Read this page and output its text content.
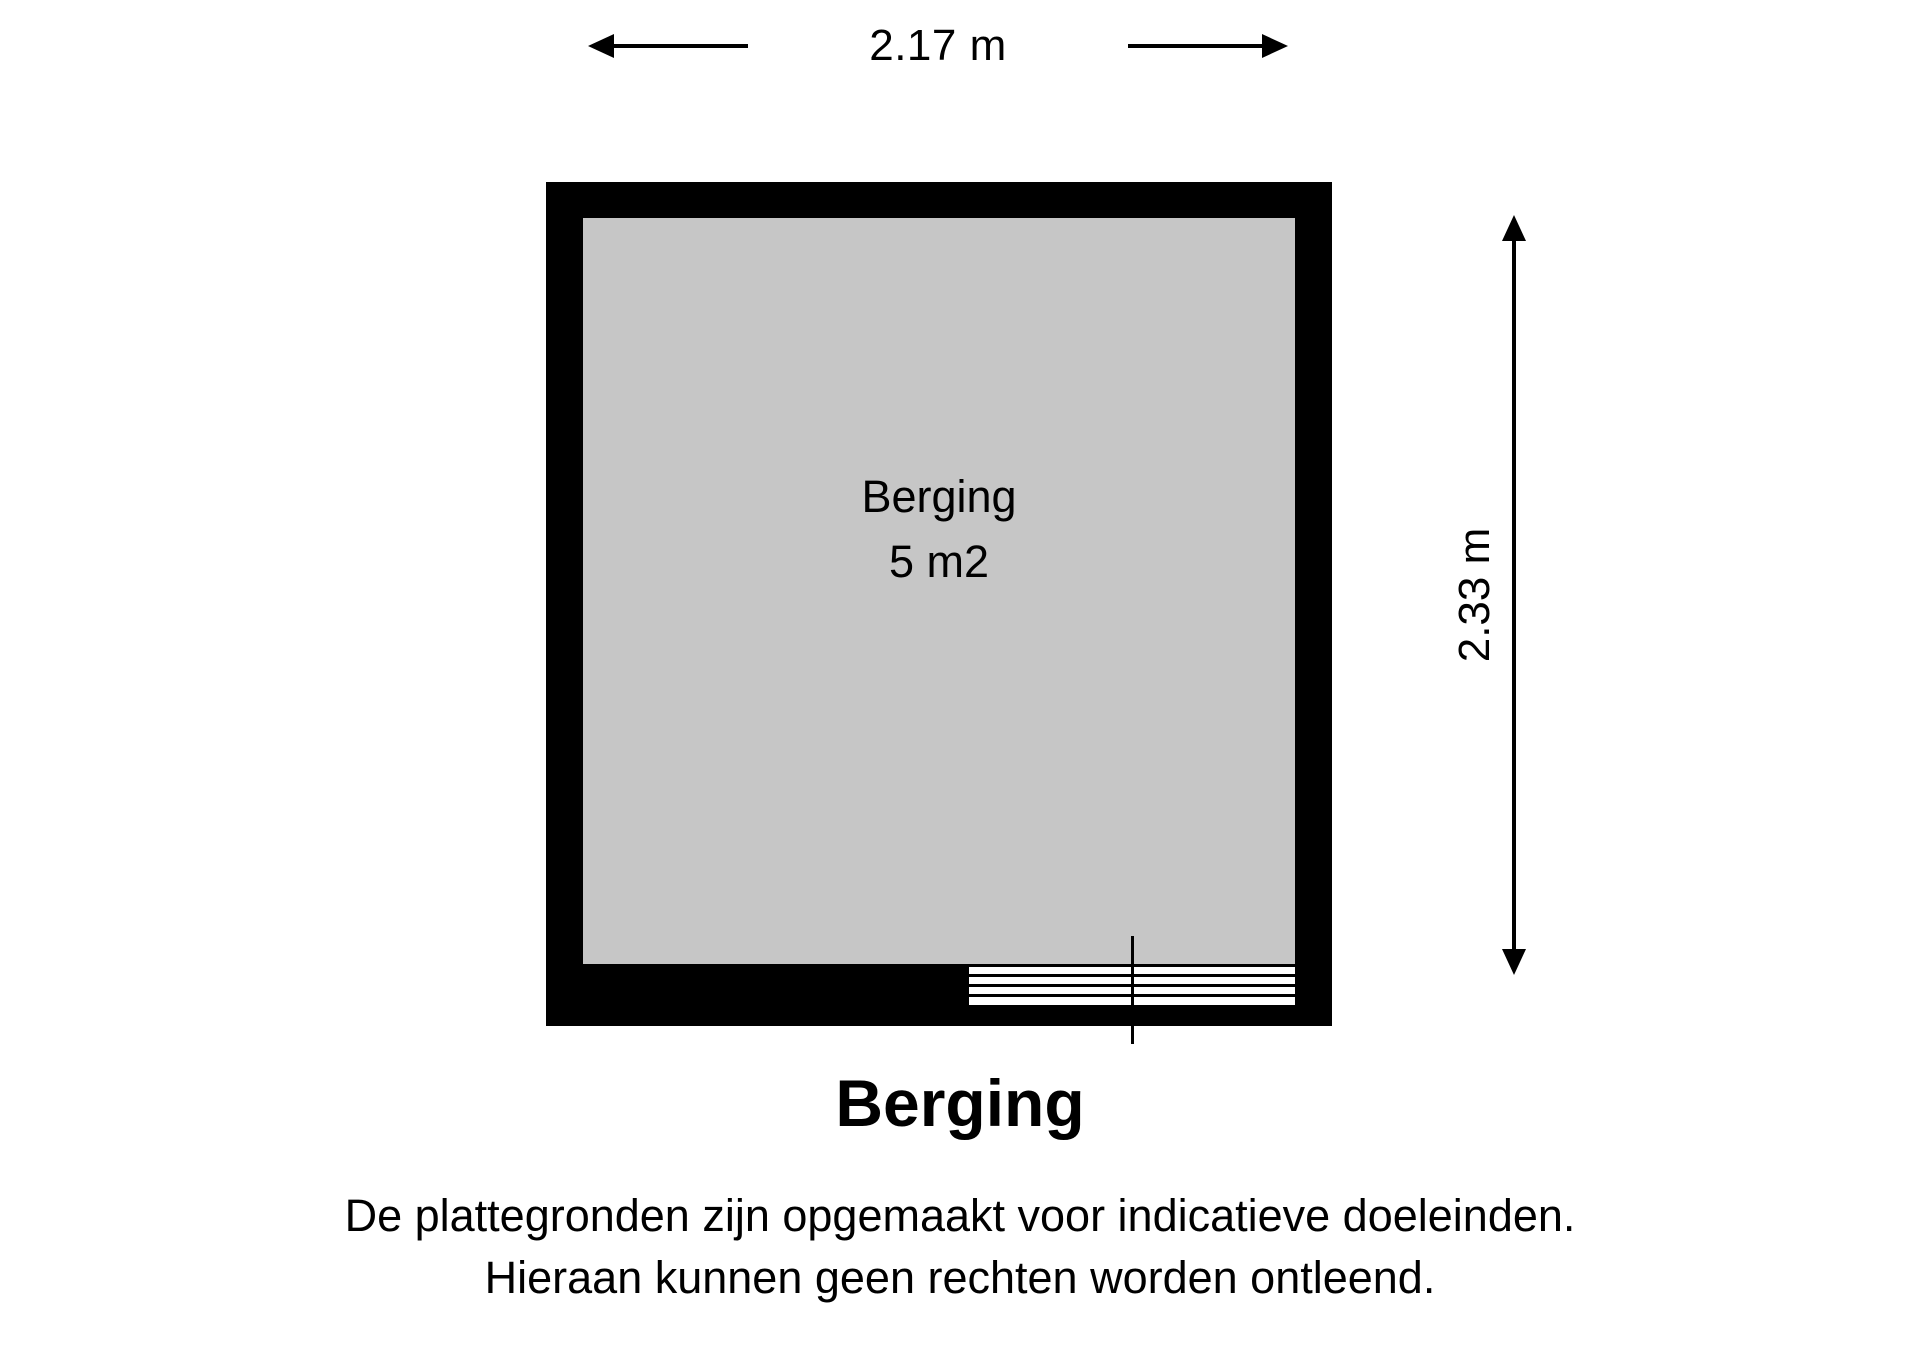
2.17 m
2.33 m
Berging
5 m2
Berging
De plattegronden zijn opgemaakt voor indicatieve doeleinden.
Hieraan kunnen geen rechten worden ontleend.
